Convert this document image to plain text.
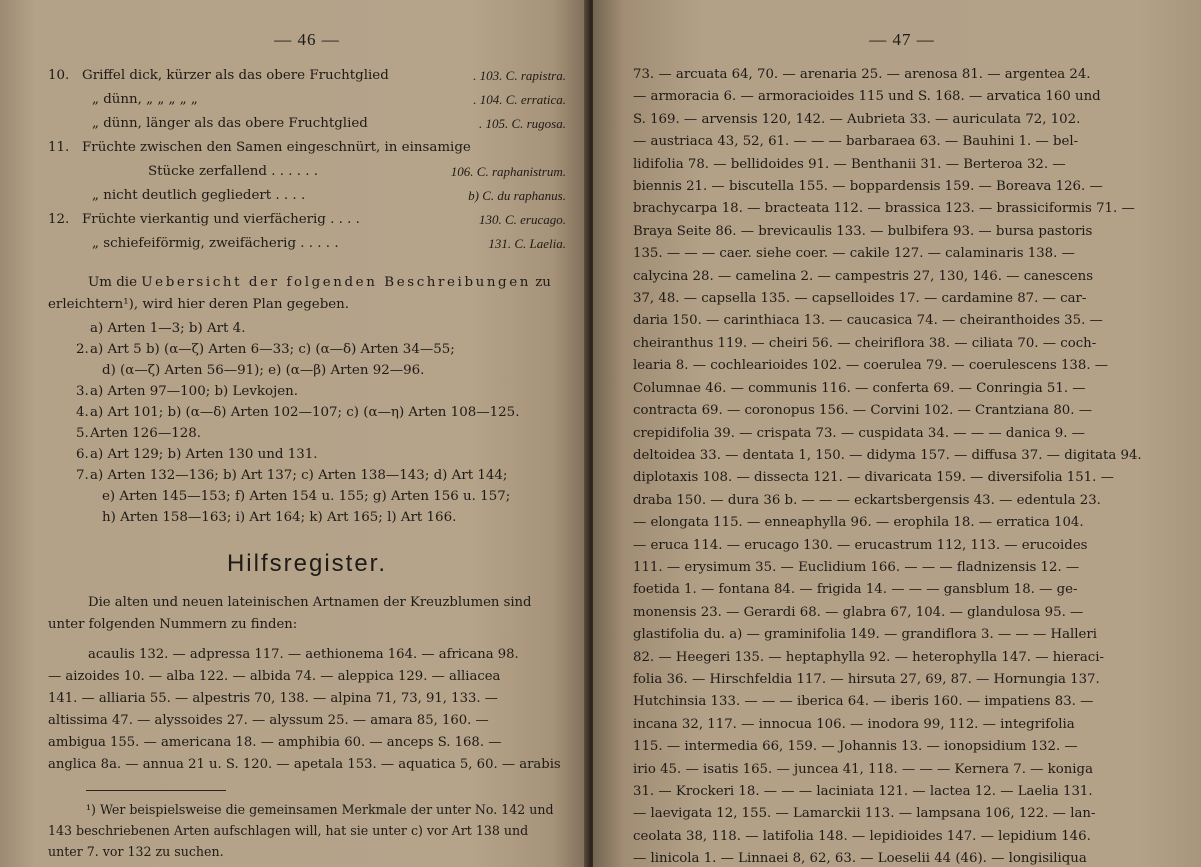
— 46 —
10. Griffel dick, kürzer als das obere Fruchtglied	. 103. C. rapistra.
„ dünn, „ „ „ „ „	. 104. C. erratica.
„ dünn, länger als das obere Fruchtglied	. 105. C. rugosa.
11. Früchte zwischen den Samen eingeschnürt, in einsamige
Stücke zerfallend . . . . . .	106. C. raphanistrum.
„ nicht deutlich gegliedert . . . .	b) C. du raphanus.
12. Früchte vierkantig und vierfächerig . . . .	130. C. erucago.
„ schiefeiförmig, zweifächerig . . . . .	131. C. Laelia.
Um die Uebersicht der folgenden Beschreibungen zu erleichtern¹), wird hier deren Plan gegeben.
a) Arten 1—3; b) Art 4.
2. a) Art 5 b) (α—ζ) Arten 6—33; c) (α—δ) Arten 34—55;
d) (α—ζ) Arten 56—91); e) (α—β) Arten 92—96.
3. a) Arten 97—100; b) Levkojen.
4. a) Art 101; b) (α—δ) Arten 102—107; c) (α—η) Arten 108—125.
5. Arten 126—128.
6. a) Art 129; b) Arten 130 und 131.
7. a) Arten 132—136; b) Art 137; c) Arten 138—143; d) Art 144;
e) Arten 145—153; f) Arten 154 u. 155; g) Arten 156 u. 157;
h) Arten 158—163; i) Art 164; k) Art 165; l) Art 166.
Hilfsregister.
Die alten und neuen lateinischen Artnamen der Kreuzblumen sind unter folgenden Nummern zu finden:
acaulis 132. — adpressa 117. — aethionema 164. — africana 98.
— aizoides 10. — alba 122. — albida 74. — aleppica 129. — alliacea
141. — alliaria 55. — alpestris 70, 138. — alpina 71, 73, 91, 133. —
altissima 47. — alyssoides 27. — alyssum 25. — amara 85, 160. —
ambigua 155. — americana 18. — amphibia 60. — anceps S. 168. —
anglica 8a. — annua 21 u. S. 120. — apetala 153. — aquatica 5, 60. — arabis
¹) Wer beispielsweise die gemeinsamen Merkmale der unter No. 142 und 143 beschriebenen Arten aufschlagen will, hat sie unter c) vor Art 138 und unter 7. vor 132 zu suchen.
— 47 —
73. — arcuata 64, 70. — arenaria 25. — arenosa 81. — argentea 24.
— armoracia 6. — armoracioides 115 und S. 168. — arvatica 160 und
S. 169. — arvensis 120, 142. — Aubrieta 33. — auriculata 72, 102.
— austriaca 43, 52, 61. — — — barbaraea 63. — Bauhini 1. — bel-
lidifolia 78. — bellidoides 91. — Benthanii 31. — Berteroa 32. —
biennis 21. — biscutella 155. — boppardensis 159. — Boreava 126. —
brachycarpa 18. — bracteata 112. — brassica 123. — brassiciformis 71. —
Braya Seite 86. — brevicaulis 133. — bulbifera 93. — bursa pastoris
135. — — — caer. siehe coer. — cakile 127. — calaminaris 138. —
calycina 28. — camelina 2. — campestris 27, 130, 146. — canescens
37, 48. — capsella 135. — capselloides 17. — cardamine 87. — car-
daria 150. — carinthiaca 13. — caucasica 74. — cheiranthoides 35. —
cheiranthus 119. — cheiri 56. — cheiriflora 38. — ciliata 70. — coch-
learia 8. — cochlearioides 102. — coerulea 79. — coerulescens 138. —
Columnae 46. — communis 116. — conferta 69. — Conringia 51. —
contracta 69. — coronopus 156. — Corvini 102. — Crantziana 80. —
crepidifolia 39. — crispata 73. — cuspidata 34. — — — danica 9. —
deltoidea 33. — dentata 1, 150. — didyma 157. — diffusa 37. — digitata 94.
diplotaxis 108. — dissecta 121. — divaricata 159. — diversifolia 151. —
draba 150. — dura 36 b. — — — eckartsbergensis 43. — edentula 23.
— elongata 115. — enneaphylla 96. — erophila 18. — erratica 104.
— eruca 114. — erucago 130. — erucastrum 112, 113. — erucoides
111. — erysimum 35. — Euclidium 166. — — — fladnizensis 12. —
foetida 1. — fontana 84. — frigida 14. — — — gansblum 18. — ge-
monensis 23. — Gerardi 68. — glabra 67, 104. — glandulosa 95. —
glastifolia du. a) — graminifolia 149. — grandiflora 3. — — — Halleri
82. — Heegeri 135. — heptaphylla 92. — heterophylla 147. — hieraci-
folia 36. — Hirschfeldia 117. — hirsuta 27, 69, 87. — Hornungia 137.
Hutchinsia 133. — — — iberica 64. — iberis 160. — impatiens 83. —
incana 32, 117. — innocua 106. — inodora 99, 112. — integrifolia
115. — intermedia 66, 159. — Johannis 13. — ionopsidium 132. —
irio 45. — isatis 165. — juncea 41, 118. — — — Kernera 7. — koniga
31. — Krockeri 18. — — — laciniata 121. — lactea 12. — Laelia 131.
— laevigata 12, 155. — Lamarckii 113. — lampsana 106, 122. — lan-
ceolata 38, 118. — latifolia 148. — lepidioides 147. — lepidium 146.
— linicola 1. — Linnaei 8, 62, 63. — Loeselii 44 (46). — longisiliqua
